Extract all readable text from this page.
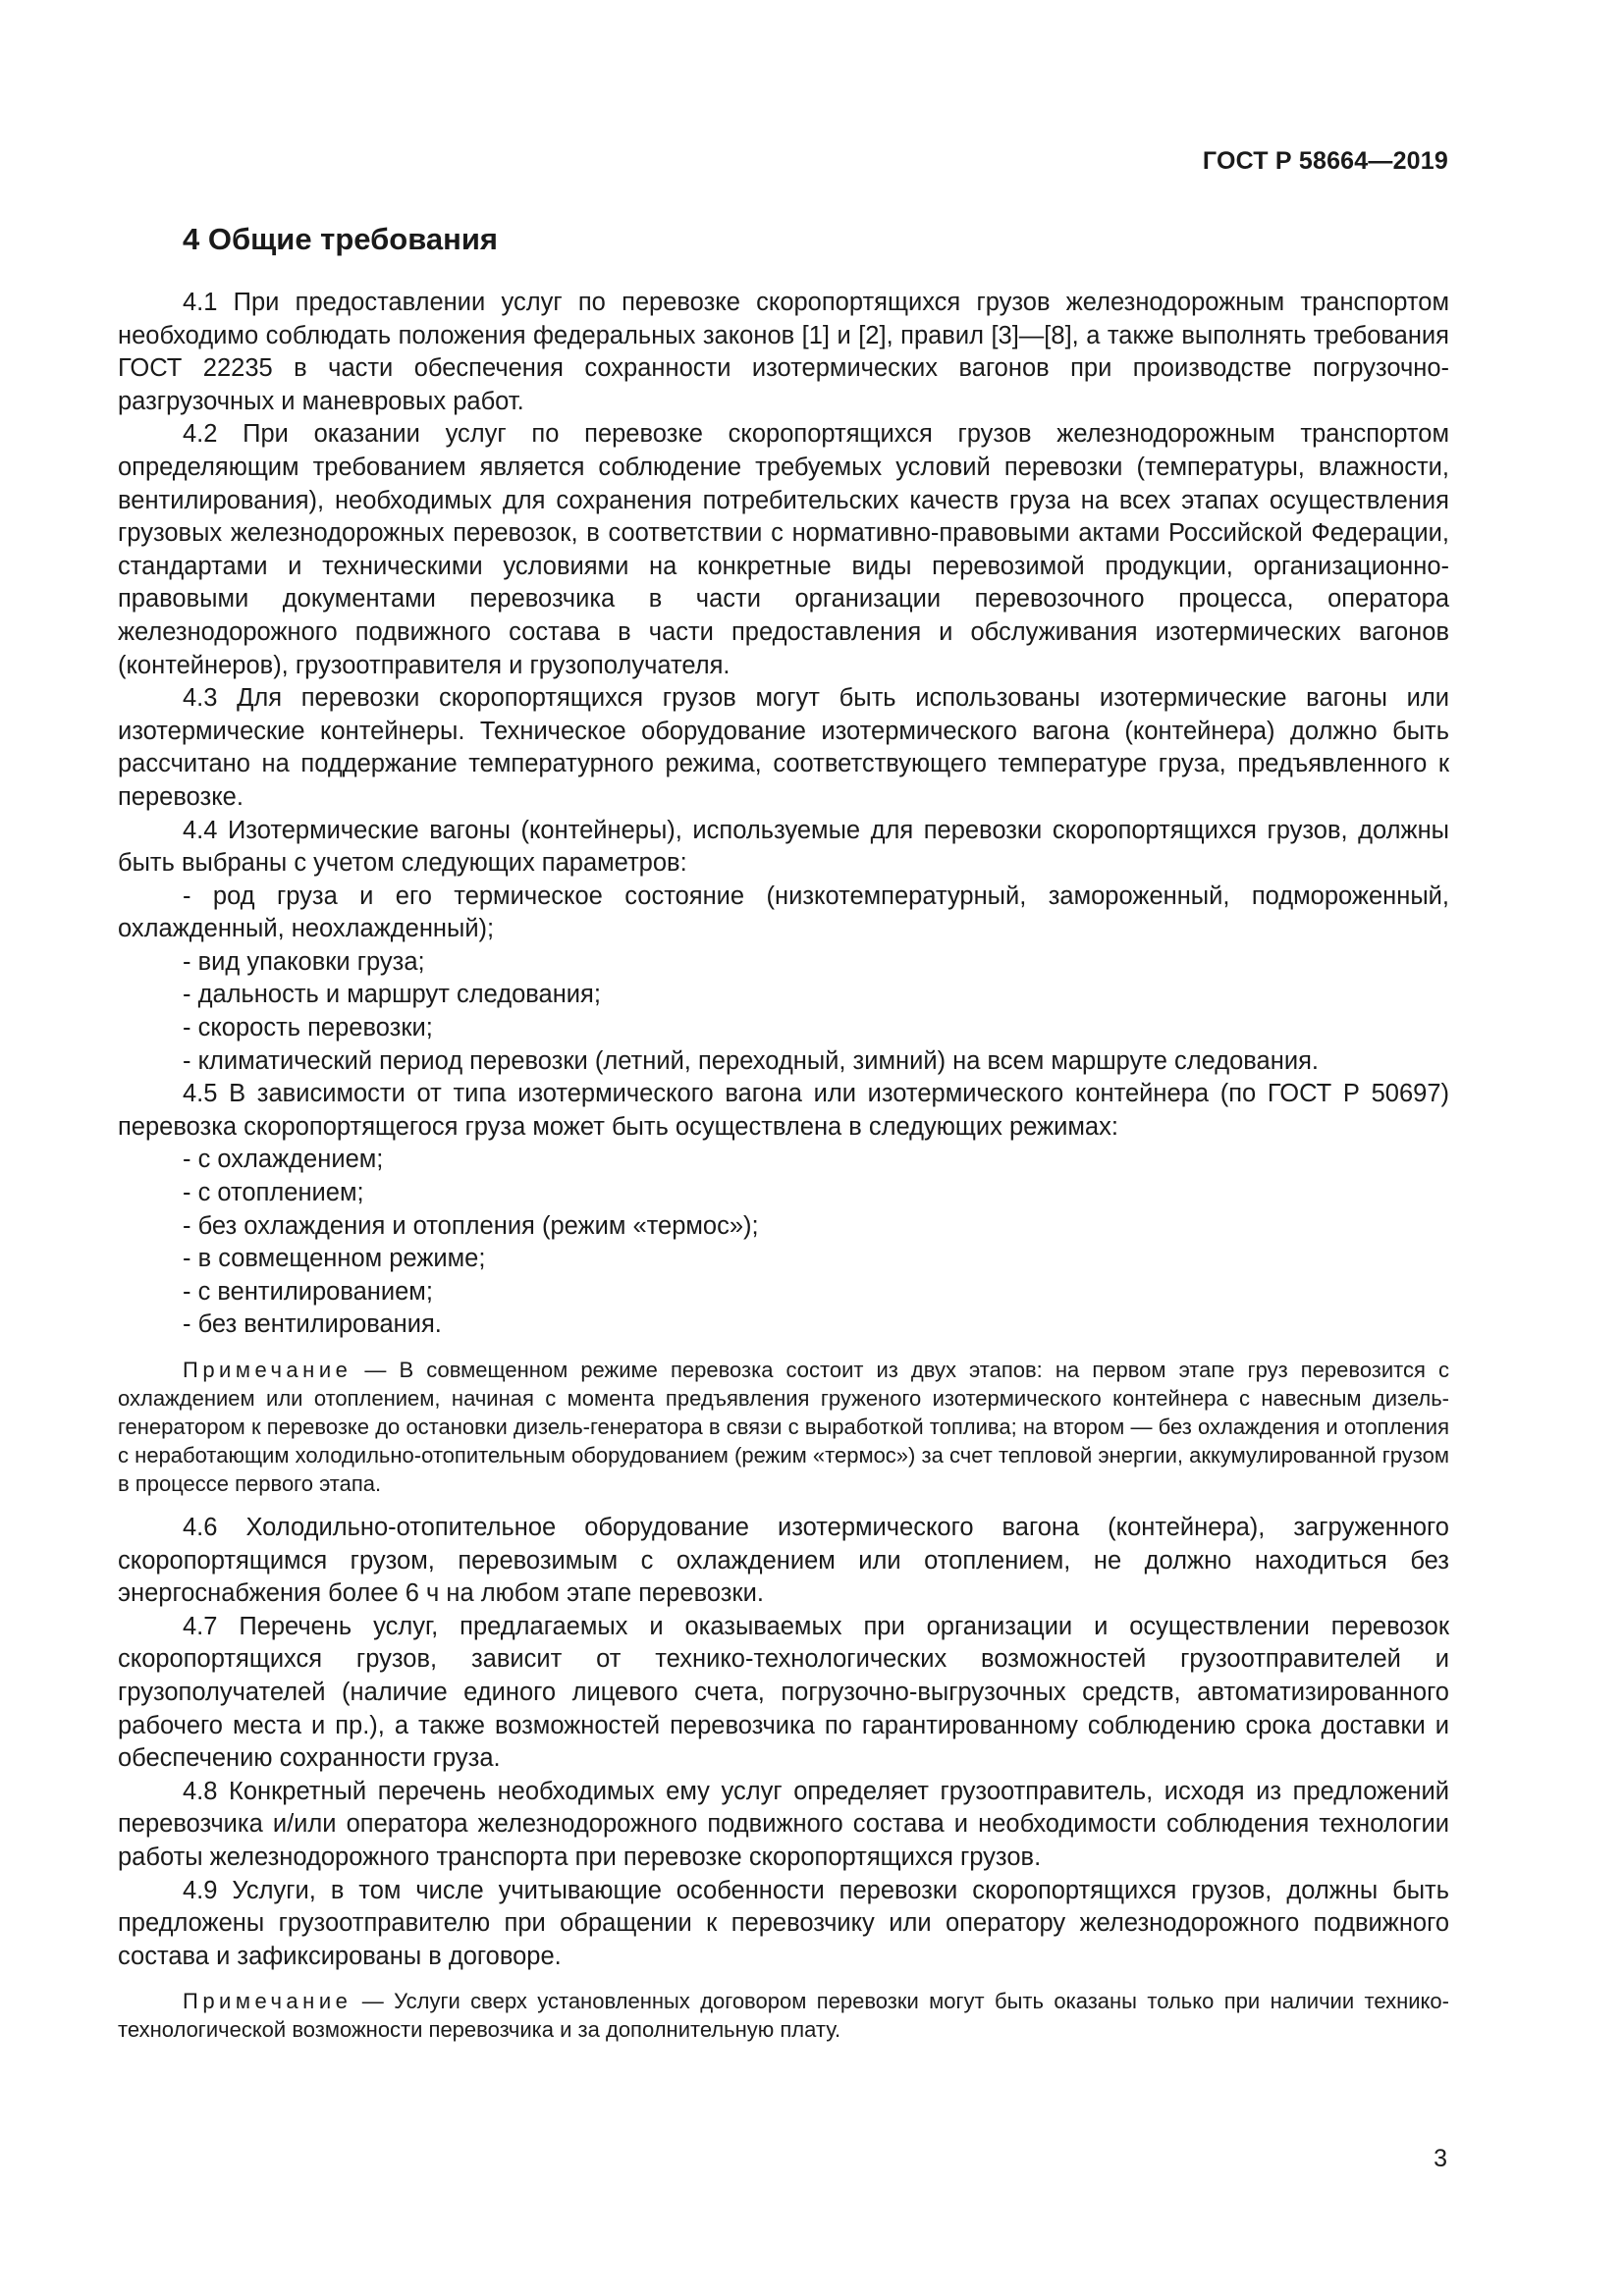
ГОСТ Р 58664—2019
4 Общие требования

4.1 При предоставлении услуг по перевозке скоропортящихся грузов железнодорожным транспортом необходимо соблюдать положения федеральных законов [1] и [2], правил [3]—[8], а также выполнять требования ГОСТ 22235 в части обеспечения сохранности изотермических вагонов при производстве погрузочно-разгрузочных и маневровых работ.

4.2 При оказании услуг по перевозке скоропортящихся грузов железнодорожным транспортом определяющим требованием является соблюдение требуемых условий перевозки (температуры, влажности, вентилирования), необходимых для сохранения потребительских качеств груза на всех этапах осуществления грузовых железнодорожных перевозок, в соответствии с нормативно-правовыми актами Российской Федерации, стандартами и техническими условиями на конкретные виды перевозимой продукции, организационно-правовыми документами перевозчика в части организации перевозочного процесса, оператора железнодорожного подвижного состава в части предоставления и обслуживания изотермических вагонов (контейнеров), грузоотправителя и грузополучателя.

4.3 Для перевозки скоропортящихся грузов могут быть использованы изотермические вагоны или изотермические контейнеры. Техническое оборудование изотермического вагона (контейнера) должно быть рассчитано на поддержание температурного режима, соответствующего температуре груза, предъявленного к перевозке.

4.4 Изотермические вагоны (контейнеры), используемые для перевозки скоропортящихся грузов, должны быть выбраны с учетом следующих параметров:

- род груза и его термическое состояние (низкотемпературный, замороженный, подмороженный, охлажденный, неохлажденный);

- вид упаковки груза;

- дальность и маршрут следования;

- скорость перевозки;

- климатический период перевозки (летний, переходный, зимний) на всем маршруте следования.

4.5 В зависимости от типа изотермического вагона или изотермического контейнера (по ГОСТ Р 50697) перевозка скоропортящегося груза может быть осуществлена в следующих режимах:

- с охлаждением;

- с отоплением;

- без охлаждения и отопления (режим «термос»);

- в совмещенном режиме;

- с вентилированием;

- без вентилирования.

Примечание — В совмещенном режиме перевозка состоит из двух этапов: на первом этапе груз перевозится с охлаждением или отоплением, начиная с момента предъявления груженого изотермического контейнера с навесным дизель-генератором к перевозке до остановки дизель-генератора в связи с выработкой топлива; на втором — без охлаждения и отопления с неработающим холодильно-отопительным оборудованием (режим «термос») за счет тепловой энергии, аккумулированной грузом в процессе первого этапа.

4.6 Холодильно-отопительное оборудование изотермического вагона (контейнера), загруженного скоропортящимся грузом, перевозимым с охлаждением или отоплением, не должно находиться без энергоснабжения более 6 ч на любом этапе перевозки.

4.7 Перечень услуг, предлагаемых и оказываемых при организации и осуществлении перевозок скоропортящихся грузов, зависит от технико-технологических возможностей грузоотправителей и грузополучателей (наличие единого лицевого счета, погрузочно-выгрузочных средств, автоматизированного рабочего места и пр.), а также возможностей перевозчика по гарантированному соблюдению срока доставки и обеспечению сохранности груза.

4.8 Конкретный перечень необходимых ему услуг определяет грузоотправитель, исходя из предложений перевозчика и/или оператора железнодорожного подвижного состава и необходимости соблюдения технологии работы железнодорожного транспорта при перевозке скоропортящихся грузов.

4.9 Услуги, в том числе учитывающие особенности перевозки скоропортящихся грузов, должны быть предложены грузоотправителю при обращении к перевозчику или оператору железнодорожного подвижного состава и зафиксированы в договоре.

Примечание — Услуги сверх установленных договором перевозки могут быть оказаны только при наличии технико-технологической возможности перевозчика и за дополнительную плату.

3
